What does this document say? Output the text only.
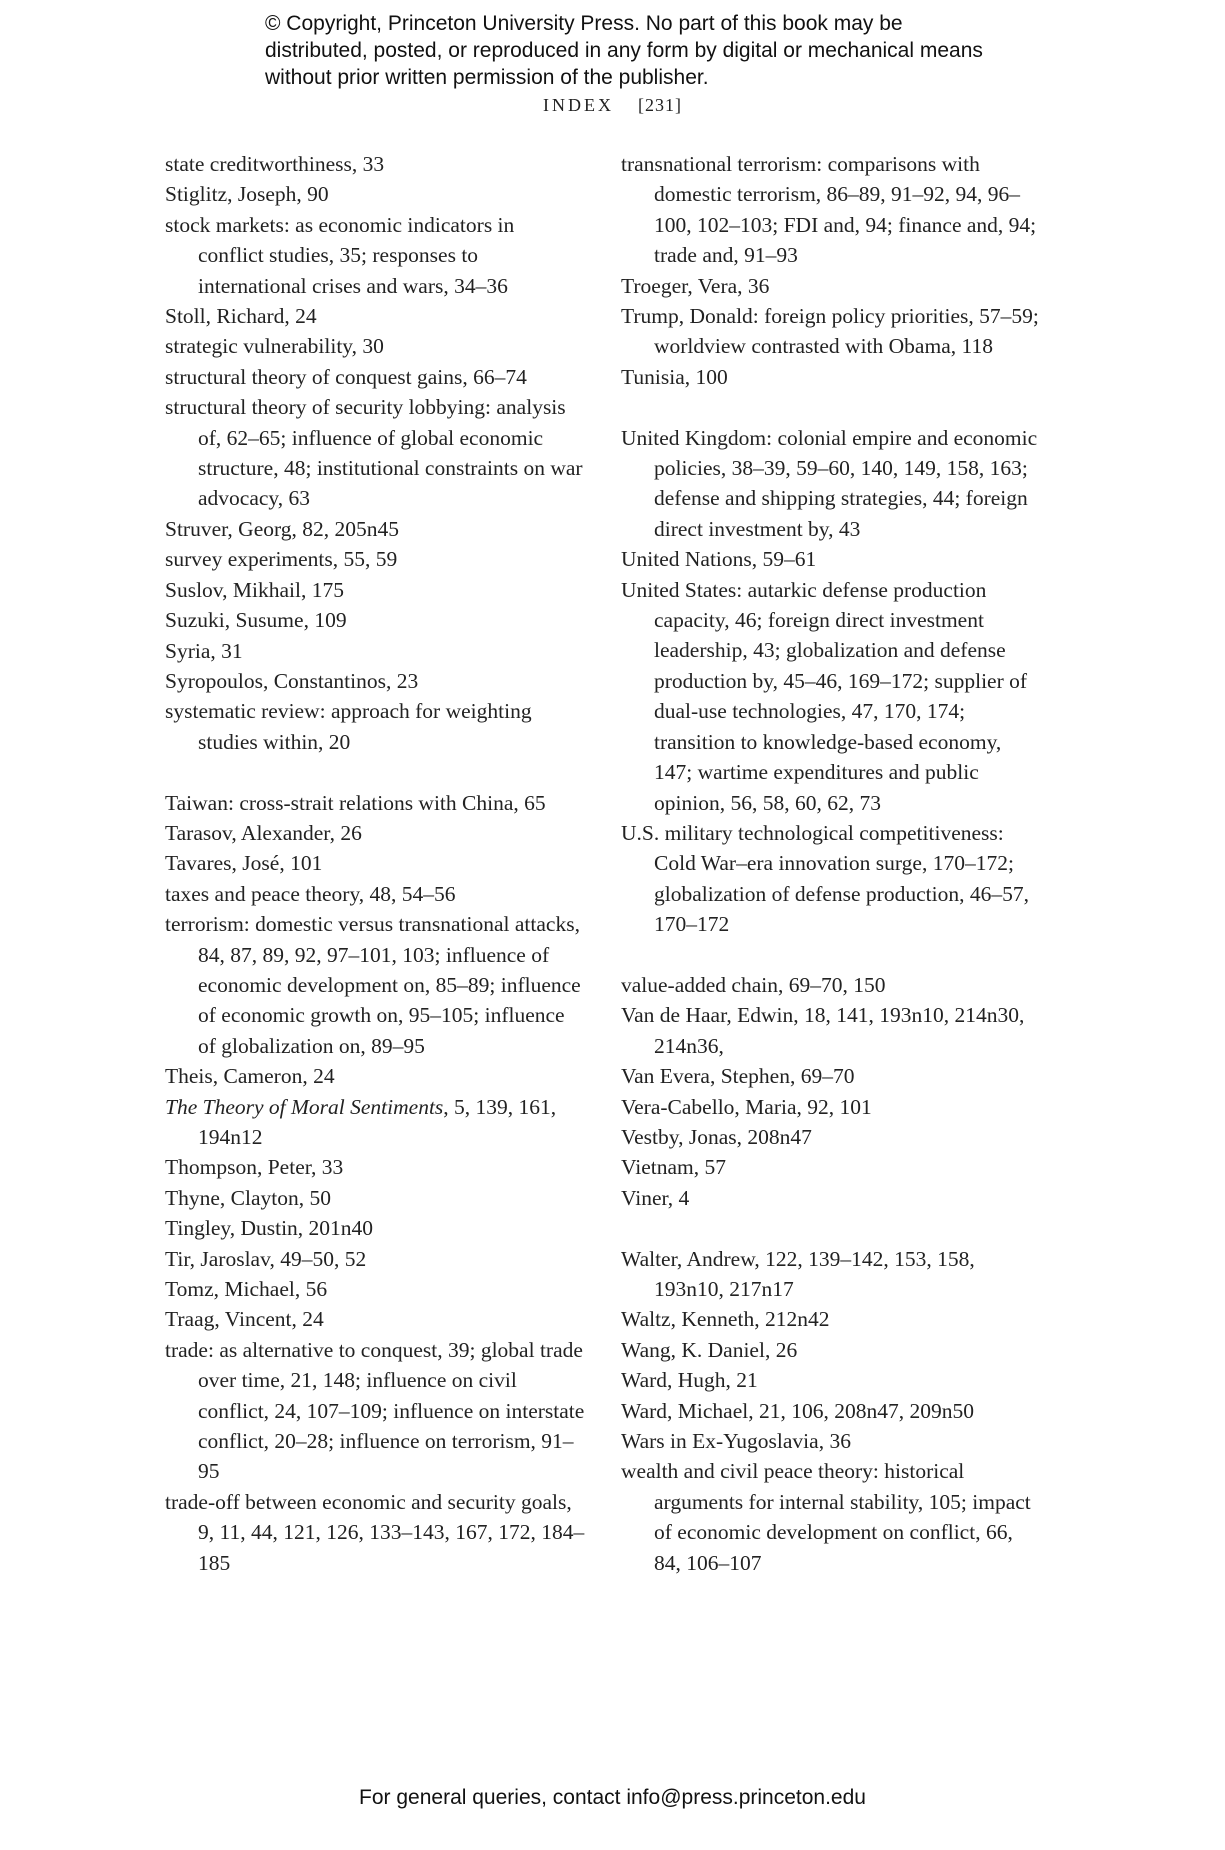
© Copyright, Princeton University Press. No part of this book may be distributed, posted, or reproduced in any form by digital or mechanical means without prior written permission of the publisher.
INDEX [231]

state creditworthiness, 33

Stiglitz, Joseph, 90

stock markets: as economic indicators in conflict studies, 35; responses to international crises and wars, 34–36

Stoll, Richard, 24

strategic vulnerability, 30

structural theory of conquest gains, 66–74

structural theory of security lobbying: analysis of, 62–65; influence of global economic structure, 48; institutional constraints on war advocacy, 63

Struver, Georg, 82, 205n45

survey experiments, 55, 59

Suslov, Mikhail, 175

Suzuki, Susume, 109

Syria, 31

Syropoulos, Constantinos, 23

systematic review: approach for weighting studies within, 20

Taiwan: cross-strait relations with China, 65

Tarasov, Alexander, 26

Tavares, José, 101

taxes and peace theory, 48, 54–56

terrorism: domestic versus transnational attacks, 84, 87, 89, 92, 97–101, 103; influence of economic development on, 85–89; influence of economic growth on, 95–105; influence of globalization on, 89–95

Theis, Cameron, 24

The Theory of Moral Sentiments, 5, 139, 161, 194n12

Thompson, Peter, 33

Thyne, Clayton, 50

Tingley, Dustin, 201n40

Tir, Jaroslav, 49–50, 52

Tomz, Michael, 56

Traag, Vincent, 24

trade: as alternative to conquest, 39; global trade over time, 21, 148; influence on civil conflict, 24, 107–109; influence on interstate conflict, 20–28; influence on terrorism, 91–95

trade-off between economic and security goals, 9, 11, 44, 121, 126, 133–143, 167, 172, 184–185

transnational terrorism: comparisons with domestic terrorism, 86–89, 91–92, 94, 96–100, 102–103; FDI and, 94; finance and, 94; trade and, 91–93

Troeger, Vera, 36

Trump, Donald: foreign policy priorities, 57–59; worldview contrasted with Obama, 118

Tunisia, 100

United Kingdom: colonial empire and economic policies, 38–39, 59–60, 140, 149, 158, 163; defense and shipping strategies, 44; foreign direct investment by, 43

United Nations, 59–61

United States: autarkic defense production capacity, 46; foreign direct investment leadership, 43; globalization and defense production by, 45–46, 169–172; supplier of dual-use technologies, 47, 170, 174; transition to knowledge-based economy, 147; wartime expenditures and public opinion, 56, 58, 60, 62, 73

U.S. military technological competitiveness: Cold War–era innovation surge, 170–172; globalization of defense production, 46–57, 170–172

value-added chain, 69–70, 150

Van de Haar, Edwin, 18, 141, 193n10, 214n30, 214n36,

Van Evera, Stephen, 69–70

Vera-Cabello, Maria, 92, 101

Vestby, Jonas, 208n47

Vietnam, 57

Viner, 4

Walter, Andrew, 122, 139–142, 153, 158, 193n10, 217n17

Waltz, Kenneth, 212n42

Wang, K. Daniel, 26

Ward, Hugh, 21

Ward, Michael, 21, 106, 208n47, 209n50

Wars in Ex-Yugoslavia, 36

wealth and civil peace theory: historical arguments for internal stability, 105; impact of economic development on conflict, 66, 84, 106–107

For general queries, contact info@press.princeton.edu
